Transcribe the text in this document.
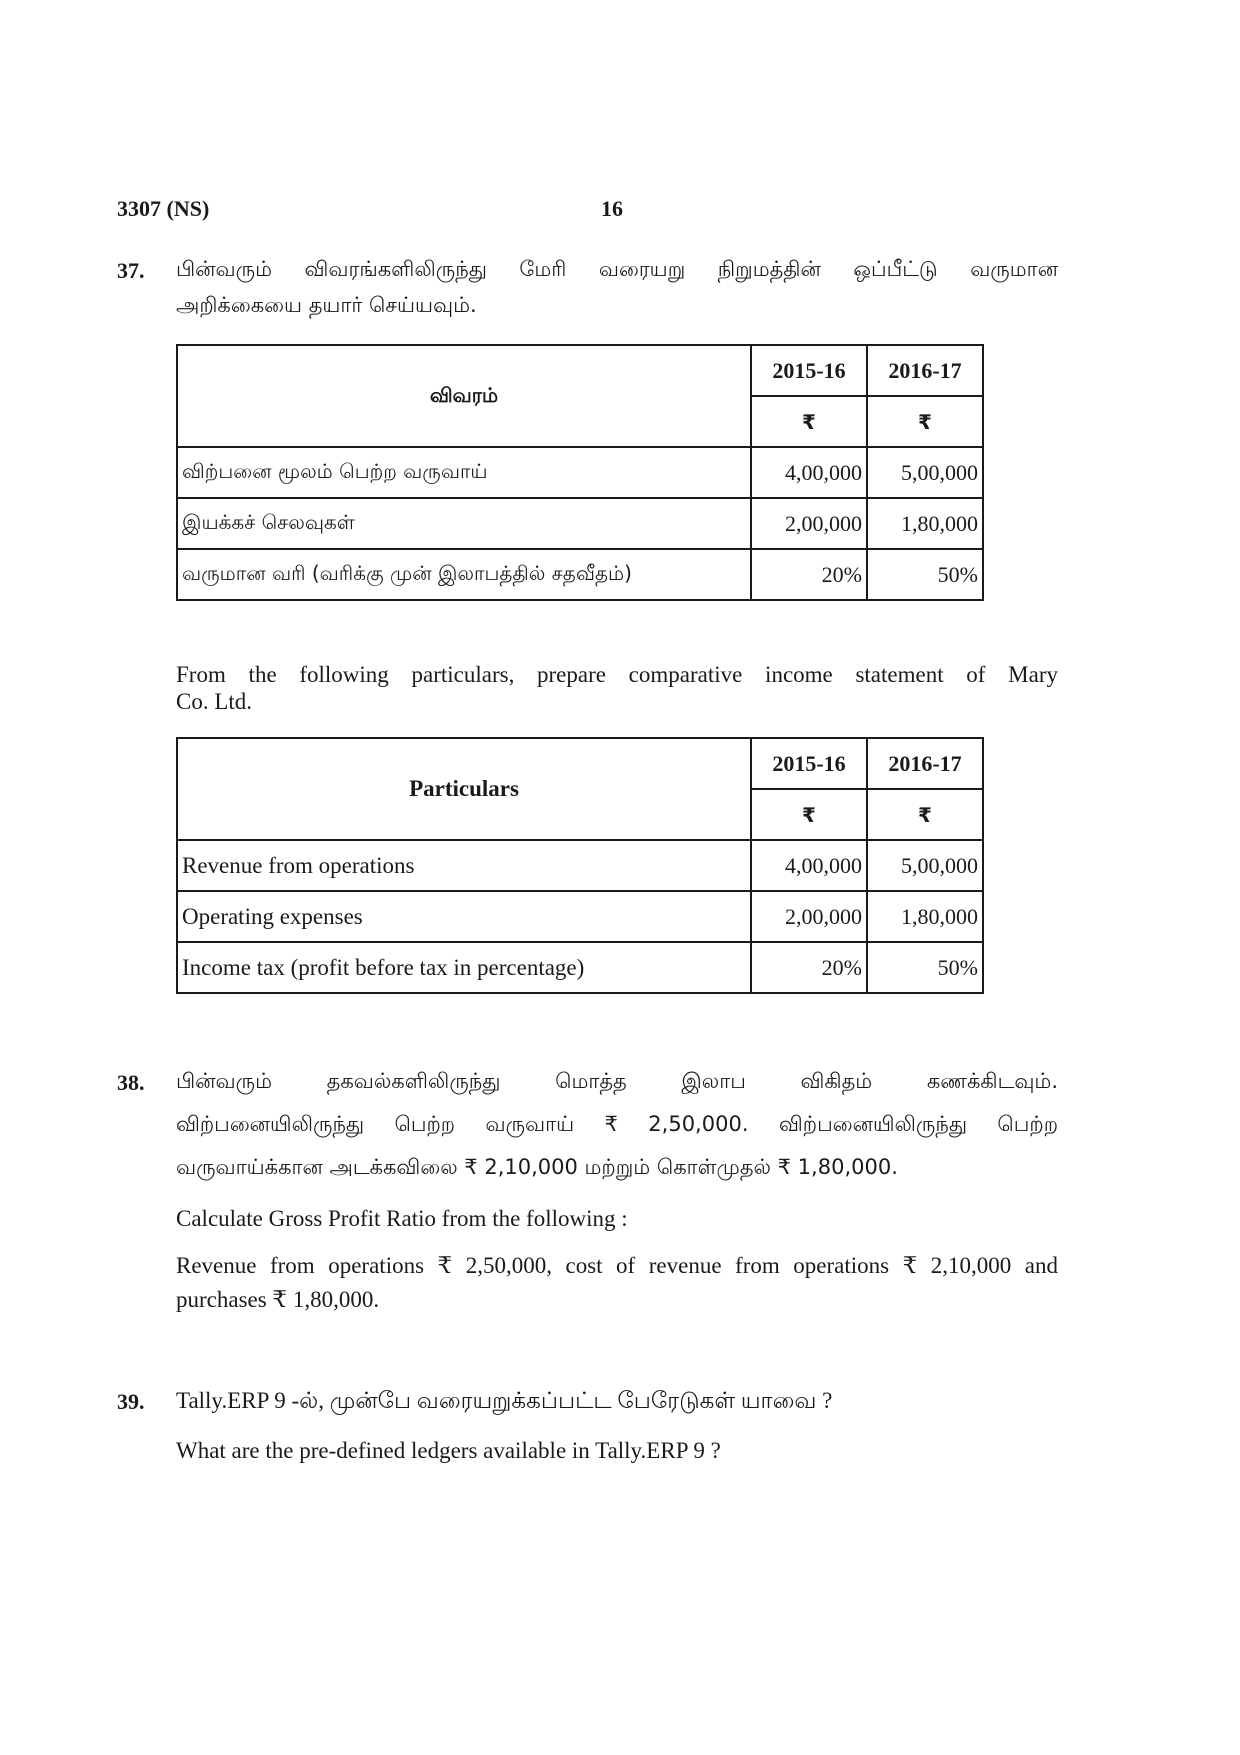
3307 (NS)	16
37. பின்வரும் விவரங்களிலிருந்து மேரி வரையறு நிறுமத்தின் ஒப்பீட்டு வருமான
அறிக்கையை தயார் செய்யவும்.
விவரம்	2015-16	2016-17
	₹	₹
விற்பனை மூலம் பெற்ற வருவாய்	4,00,000	5,00,000
இயக்கச் செலவுகள்	2,00,000	1,80,000
வருமான வரி (வரிக்கு முன் இலாபத்தில் சதவீதம்)	20%	50%
From the following particulars, prepare comparative income statement of Mary
Co. Ltd.
Particulars	2015-16	2016-17
	₹	₹
Revenue from operations	4,00,000	5,00,000
Operating expenses	2,00,000	1,80,000
Income tax (profit before tax in percentage)	20%	50%
38. பின்வரும் தகவல்களிலிருந்து மொத்த இலாப விகிதம் கணக்கிடவும்.
விற்பனையிலிருந்து பெற்ற வருவாய் ₹ 2,50,000. விற்பனையிலிருந்து பெற்ற
வருவாய்க்கான அடக்கவிலை ₹ 2,10,000 மற்றும் கொள்முதல் ₹ 1,80,000.
Calculate Gross Profit Ratio from the following :
Revenue from operations ₹ 2,50,000, cost of revenue from operations ₹ 2,10,000 and
purchases ₹ 1,80,000.
39. Tally.ERP 9 -ல், முன்பே வரையறுக்கப்பட்ட பேரேடுகள் யாவை ?
What are the pre-defined ledgers available in Tally.ERP 9 ?
